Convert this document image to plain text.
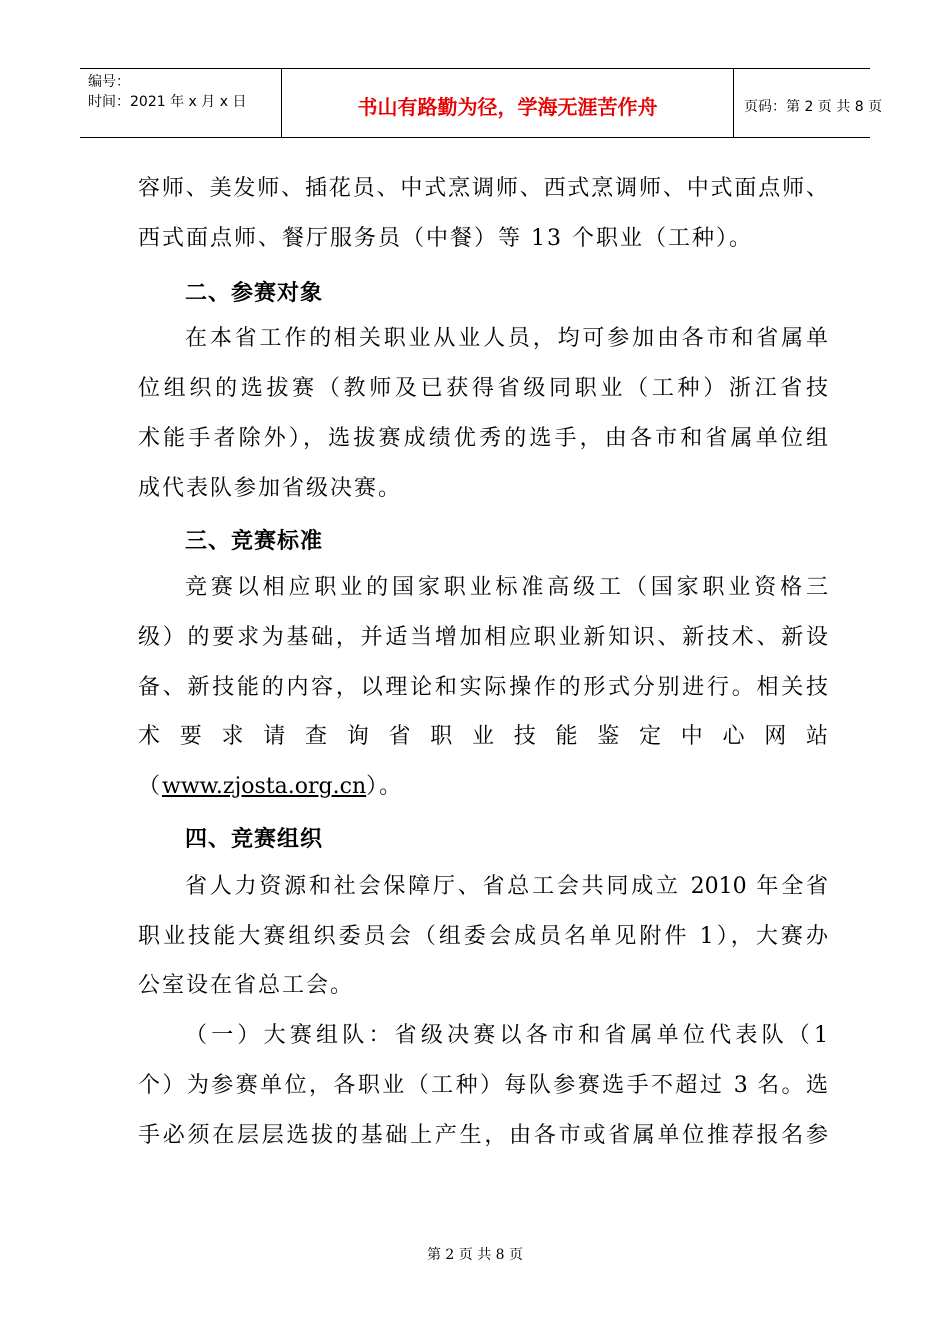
编号：
时间：2021 年 x 月 x 日	书山有路勤为径，学海无涯苦作舟	页码：第 2 页 共 8 页
容师、美发师、插花员、中式烹调师、西式烹调师、中式面点师、
西式面点师、餐厅服务员（中餐）等 13 个职业（工种）。
二、参赛对象
在本省工作的相关职业从业人员，均可参加由各市和省属单
位组织的选拔赛（教师及已获得省级同职业（工种）浙江省技
术能手者除外），选拔赛成绩优秀的选手，由各市和省属单位组
成代表队参加省级决赛。
三、竞赛标准
竞赛以相应职业的国家职业标准高级工（国家职业资格三
级）的要求为基础，并适当增加相应职业新知识、新技术、新设
备、新技能的内容，以理论和实际操作的形式分别进行。相关技
术要求请查询省职业技能鉴定中心网站
（www.zjosta.org.cn）。
四、竞赛组织
省人力资源和社会保障厅、省总工会共同成立 2010 年全省
职业技能大赛组织委员会（组委会成员名单见附件 1），大赛办
公室设在省总工会。
（一）大赛组队：省级决赛以各市和省属单位代表队（1
个）为参赛单位，各职业（工种）每队参赛选手不超过 3 名。选
手必须在层层选拔的基础上产生，由各市或省属单位推荐报名参
第 2 页 共 8 页
